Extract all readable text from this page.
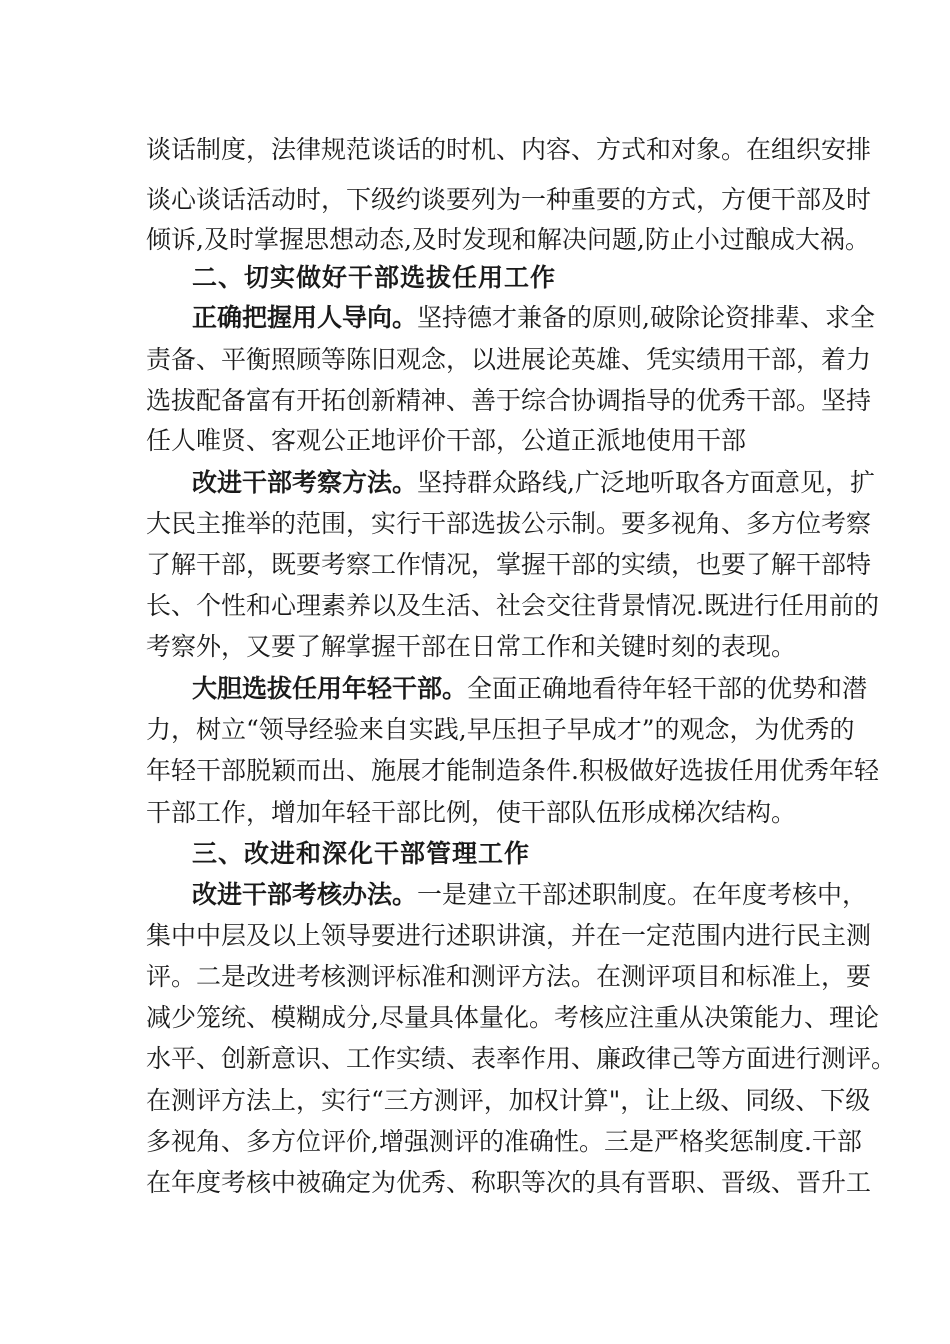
谈话制度，法律规范谈话的时机、内容、方式和对象。在组织安排
谈心谈话活动时，下级约谈要列为一种重要的方式，方便干部及时
倾诉,及时掌握思想动态,及时发现和解决问题,防止小过酿成大祸。
二、切实做好干部选拔任用工作
正确把握用人导向。坚持德才兼备的原则,破除论资排辈、求全
责备、平衡照顾等陈旧观念，以进展论英雄、凭实绩用干部，着力
选拔配备富有开拓创新精神、善于综合协调指导的优秀干部。坚持
任人唯贤、客观公正地评价干部，公道正派地使用干部
改进干部考察方法。坚持群众路线,广泛地听取各方面意见，扩
大民主推举的范围，实行干部选拔公示制。要多视角、多方位考察
了解干部，既要考察工作情况，掌握干部的实绩，也要了解干部特
长、个性和心理素养以及生活、社会交往背景情况.既进行任用前的
考察外，又要了解掌握干部在日常工作和关键时刻的表现。
大胆选拔任用年轻干部。全面正确地看待年轻干部的优势和潜
力，树立“领导经验来自实践,早压担子早成才”的观念，为优秀的
年轻干部脱颖而出、施展才能制造条件.积极做好选拔任用优秀年轻
干部工作，增加年轻干部比例，使干部队伍形成梯次结构。
三、改进和深化干部管理工作
改进干部考核办法。一是建立干部述职制度。在年度考核中，
集中中层及以上领导要进行述职讲演，并在一定范围内进行民主测
评。二是改进考核测评标准和测评方法。在测评项目和标准上，要
减少笼统、模糊成分,尽量具体量化。考核应注重从决策能力、理论
水平、创新意识、工作实绩、表率作用、廉政律己等方面进行测评。
在测评方法上，实行“三方测评，加权计算"，让上级、同级、下级
多视角、多方位评价,增强测评的准确性。三是严格奖惩制度.干部
在年度考核中被确定为优秀、称职等次的具有晋职、晋级、晋升工
